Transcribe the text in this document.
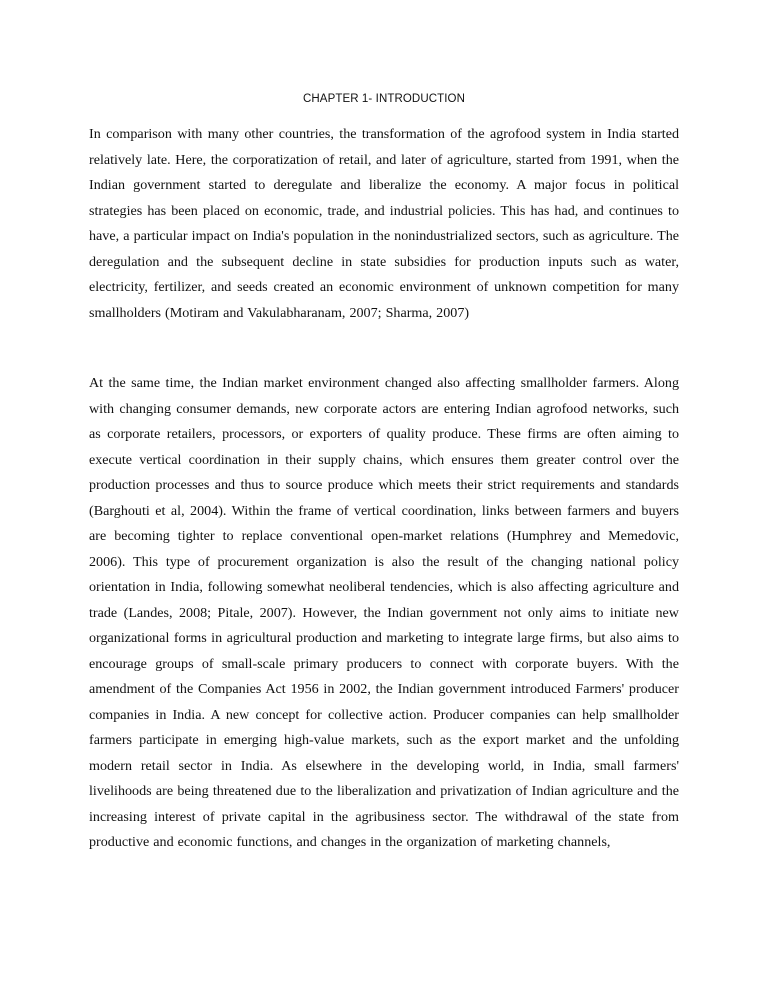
CHAPTER 1- INTRODUCTION

In comparison with many other countries, the transformation of the agrofood system in India started relatively late. Here, the corporatization of retail, and later of agriculture, started from 1991, when the Indian government started to deregulate and liberalize the economy. A major focus in political strategies has been placed on economic, trade, and industrial policies. This has had, and continues to have, a particular impact on India's population in the nonindustrialized sectors, such as agriculture. The deregulation and the subsequent decline in state subsidies for production inputs such as water, electricity, fertilizer, and seeds created an economic environment of unknown competition for many smallholders (Motiram and Vakulabharanam, 2007; Sharma, 2007)

At the same time, the Indian market environment changed also affecting smallholder farmers. Along with changing consumer demands, new corporate actors are entering Indian agrofood networks, such as corporate retailers, processors, or exporters of quality produce. These firms are often aiming to execute vertical coordination in their supply chains, which ensures them greater control over the production processes and thus to source produce which meets their strict requirements and standards (Barghouti et al, 2004). Within the frame of vertical coordination, links between farmers and buyers are becoming tighter to replace conventional open-market relations (Humphrey and Memedovic, 2006). This type of procurement organization is also the result of the changing national policy orientation in India, following somewhat neoliberal tendencies, which is also affecting agriculture and trade (Landes, 2008; Pitale, 2007). However, the Indian government not only aims to initiate new organizational forms in agricultural production and marketing to integrate large firms, but also aims to encourage groups of small-scale primary producers to connect with corporate buyers. With the amendment of the Companies Act 1956 in 2002, the Indian government introduced Farmers' producer companies in India. A new concept for collective action. Producer companies can help smallholder farmers participate in emerging high-value markets, such as the export market and the unfolding modern retail sector in India. As elsewhere in the developing world, in India, small farmers' livelihoods are being threatened due to the liberalization and privatization of Indian agriculture and the increasing interest of private capital in the agribusiness sector. The withdrawal of the state from productive and economic functions, and changes in the organization of marketing channels,
